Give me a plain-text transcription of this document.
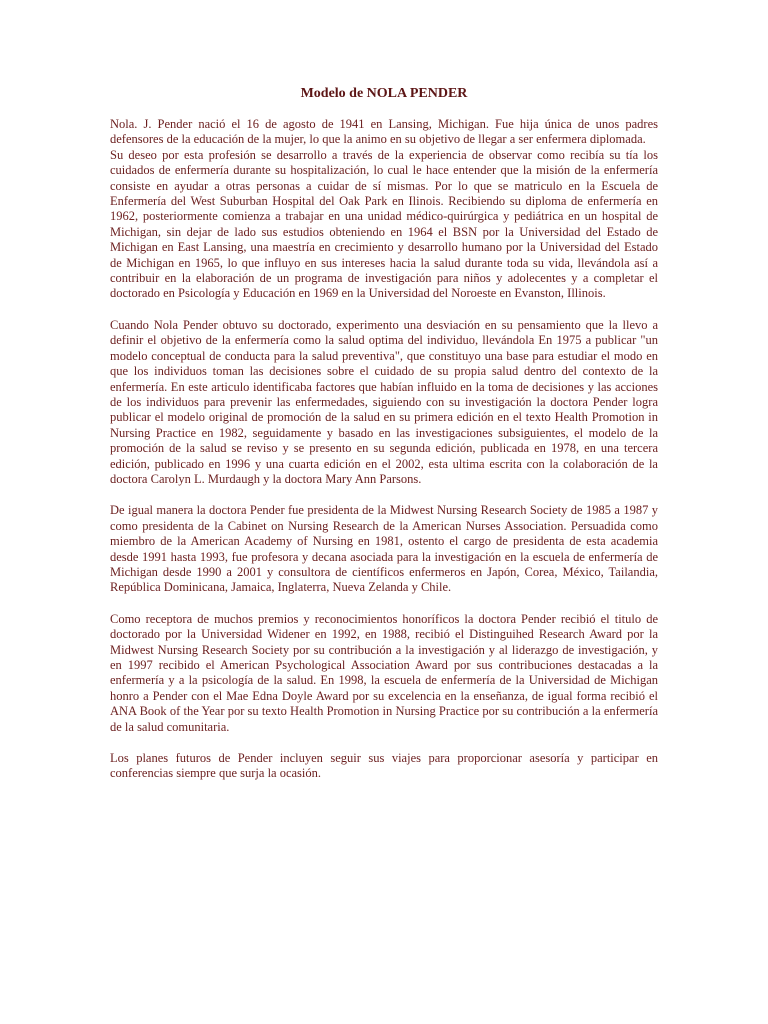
Modelo de NOLA PENDER

Nola. J. Pender nació el 16 de agosto de 1941 en Lansing, Michigan. Fue hija única de unos padres defensores de la educación de la mujer, lo que la animo en su objetivo de llegar a ser enfermera diplomada.

Su deseo por esta profesión se desarrollo a través de la experiencia de observar como recibía su tía los cuidados de enfermería durante su hospitalización, lo cual le hace entender que la misión de la enfermería consiste en ayudar a otras personas a cuidar de sí mismas. Por lo que se matriculo en la Escuela de Enfermería del West Suburban Hospital del Oak Park en Ilinois. Recibiendo su diploma de enfermería en 1962, posteriormente comienza a trabajar en una unidad médico-quirúrgica y pediátrica en un hospital de Michigan, sin dejar de lado sus estudios obteniendo en 1964 el BSN por la Universidad del Estado de Michigan en East Lansing, una maestría en crecimiento y desarrollo humano por la Universidad del Estado de Michigan en 1965, lo que influyo en sus intereses hacia la salud durante toda su vida, llevándola así a contribuir en la elaboración de un programa de investigación para niños y adolecentes y a completar el doctorado en Psicología y Educación en 1969 en la Universidad del Noroeste en Evanston, Illinois.

Cuando Nola Pender obtuvo su doctorado, experimento una desviación en su pensamiento que la llevo a definir el objetivo de la enfermería como la salud optima del individuo, llevándola En 1975 a publicar "un modelo conceptual de conducta para la salud preventiva", que constituyo una base para estudiar el modo en que los individuos toman las decisiones sobre el cuidado de su propia salud dentro del contexto de la enfermería. En este articulo identificaba factores que habían influido en la toma de decisiones y las acciones de los individuos para prevenir las enfermedades, siguiendo con su investigación la doctora Pender logra publicar el modelo original de promoción de la salud en su primera edición en el texto Health Promotion in Nursing Practice en 1982, seguidamente y basado en las investigaciones subsiguientes, el modelo de la promoción de la salud se reviso y se presento en su segunda edición, publicada en 1978, en una tercera edición, publicado en 1996 y una cuarta edición en el 2002, esta ultima escrita con la colaboración de la doctora Carolyn L. Murdaugh y la doctora Mary Ann Parsons.

De igual manera la doctora Pender fue presidenta de la Midwest Nursing Research Society de 1985 a 1987 y como presidenta de la Cabinet on Nursing Research de la American Nurses Association. Persuadida como miembro de la American Academy of Nursing en 1981, ostento el cargo de presidenta de esta academia desde 1991 hasta 1993, fue profesora y decana asociada para la investigación en la escuela de enfermería de Michigan desde 1990 a 2001 y consultora de científicos enfermeros en Japón, Corea, México, Tailandia, República Dominicana, Jamaica, Inglaterra, Nueva Zelanda y Chile.

Como receptora de muchos premios y reconocimientos honoríficos la doctora Pender recibió el titulo de doctorado por la Universidad Widener en 1992, en 1988, recibió el Distinguihed Research Award por la Midwest Nursing Research Society por su contribución a la investigación y al liderazgo de investigación, y en 1997 recibido el American Psychological Association Award por sus contribuciones destacadas a la enfermería y a la psicología de la salud. En 1998, la escuela de enfermería de la Universidad de Michigan honro a Pender con el Mae Edna Doyle Award por su excelencia en la enseñanza, de igual forma recibió el ANA Book of the Year por su texto Health Promotion in Nursing Practice por su contribución a la enfermería de la salud comunitaria.

Los planes futuros de Pender incluyen seguir sus viajes para proporcionar asesoría y participar en conferencias siempre que surja la ocasión.
